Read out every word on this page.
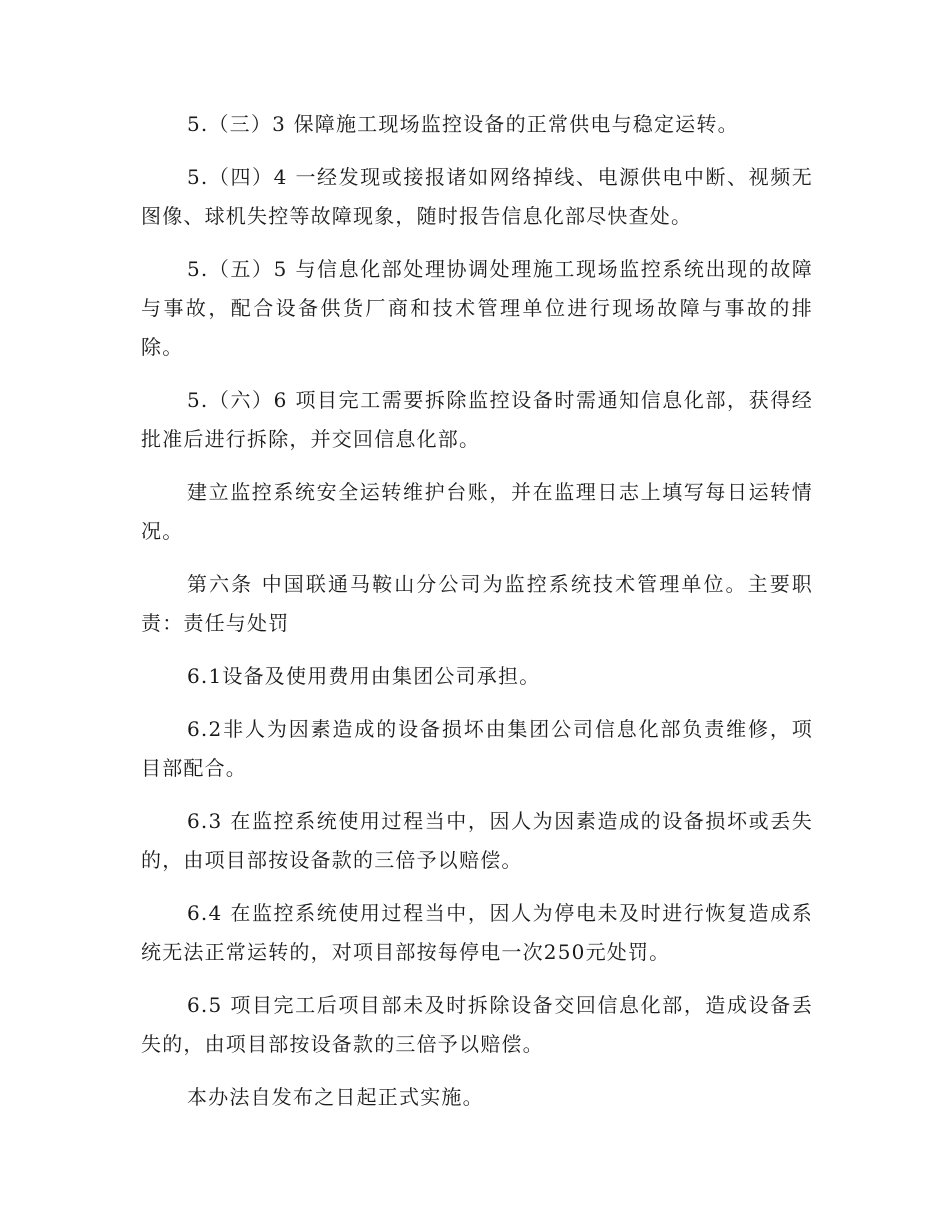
5.（三）3 保障施工现场监控设备的正常供电与稳定运转。

5.（四）4 一经发现或接报诸如网络掉线、电源供电中断、视频无图像、球机失控等故障现象，随时报告信息化部尽快查处。

5.（五）5 与信息化部处理协调处理施工现场监控系统出现的故障与事故，配合设备供货厂商和技术管理单位进行现场故障与事故的排除。

5.（六）6 项目完工需要拆除监控设备时需通知信息化部，获得经批准后进行拆除，并交回信息化部。

建立监控系统安全运转维护台账，并在监理日志上填写每日运转情况。

第六条 中国联通马鞍山分公司为监控系统技术管理单位。主要职责：责任与处罚

6.1设备及使用费用由集团公司承担。

6.2非人为因素造成的设备损坏由集团公司信息化部负责维修，项目部配合。

6.3 在监控系统使用过程当中，因人为因素造成的设备损坏或丢失的，由项目部按设备款的三倍予以赔偿。

6.4 在监控系统使用过程当中，因人为停电未及时进行恢复造成系统无法正常运转的，对项目部按每停电一次250元处罚。

6.5 项目完工后项目部未及时拆除设备交回信息化部，造成设备丢失的，由项目部按设备款的三倍予以赔偿。

本办法自发布之日起正式实施。
